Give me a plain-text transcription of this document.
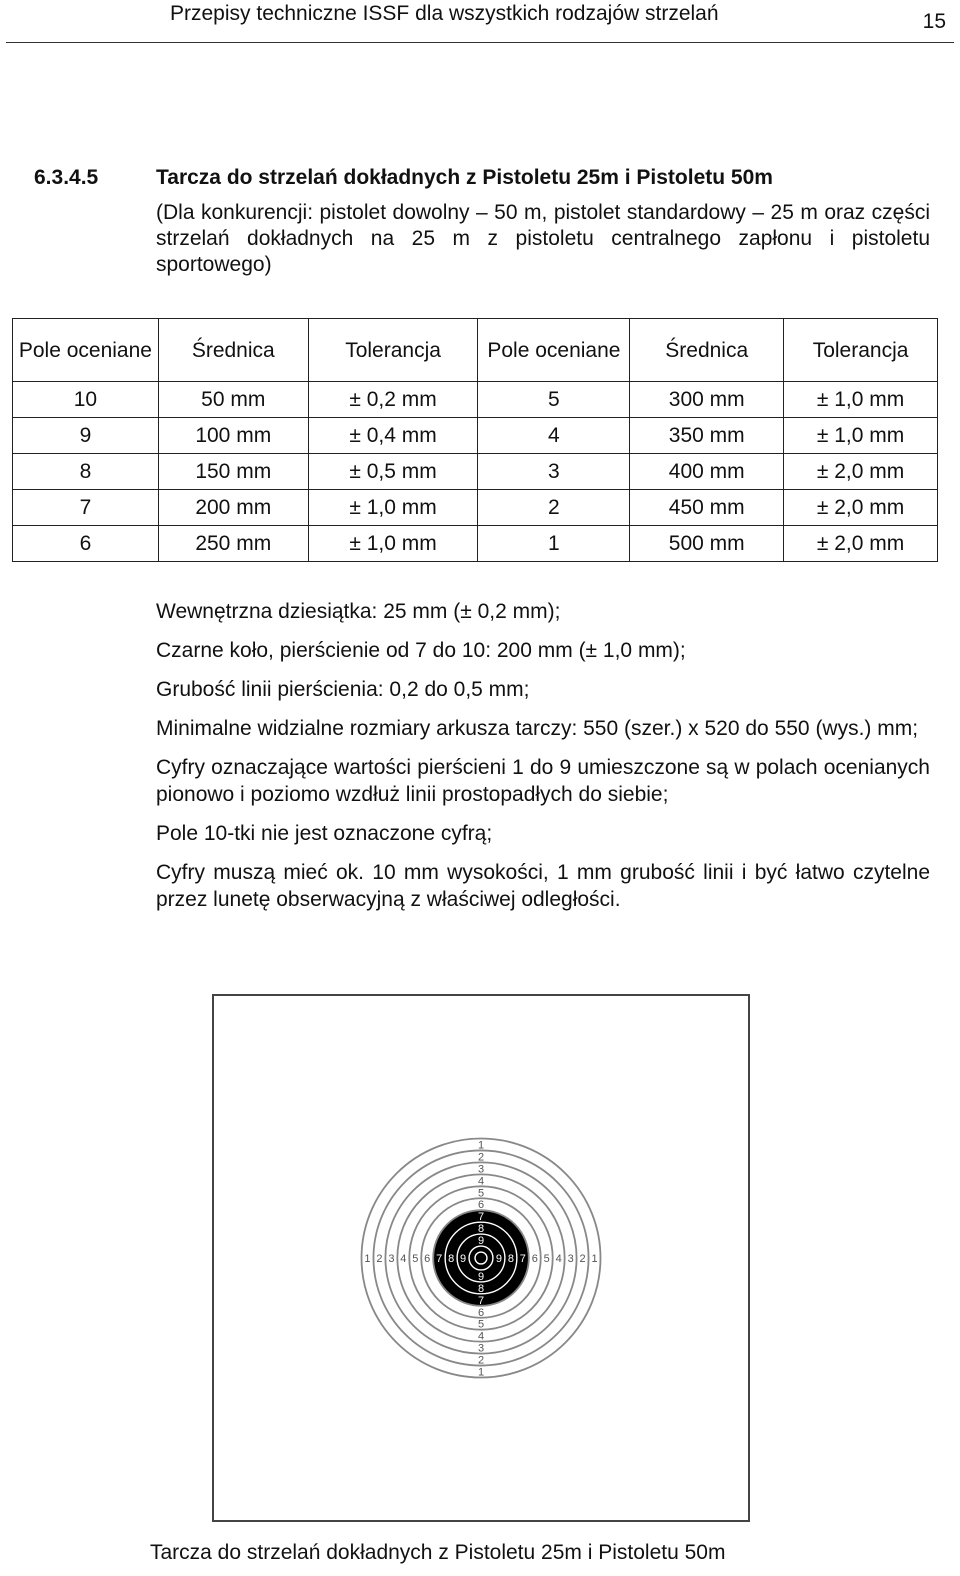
Przepisy techniczne ISSF dla wszystkich rodzajów strzelań	15
6.3.4.5	Tarcza do strzelań dokładnych z Pistoletu 25m i Pistoletu 50m
(Dla konkurencji: pistolet dowolny – 50 m, pistolet standardowy – 25 m oraz części strzelań dokładnych na 25 m z pistoletu centralnego zapłonu i pistoletu sportowego)
Pole oceniane	Średnica	Tolerancja	Pole oceniane	Średnica	Tolerancja
10	50 mm	± 0,2 mm	5	300 mm	± 1,0 mm
9	100 mm	± 0,4 mm	4	350 mm	± 1,0 mm
8	150 mm	± 0,5 mm	3	400 mm	± 2,0 mm
7	200 mm	± 1,0 mm	2	450 mm	± 2,0 mm
6	250 mm	± 1,0 mm	1	500 mm	± 2,0 mm
Wewnętrzna dziesiątka: 25 mm (± 0,2 mm);
Czarne koło, pierścienie od 7 do 10: 200 mm (± 1,0 mm);
Grubość linii pierścienia: 0,2 do 0,5 mm;
Minimalne widzialne rozmiary arkusza tarczy: 550 (szer.) x 520 do 550 (wys.) mm;
Cyfry oznaczające wartości pierścieni 1 do 9 umieszczone są w polach ocenianych pionowo i poziomo wzdłuż linii prostopadłych do siebie;
Pole 10-tki nie jest oznaczone cyfrą;
Cyfry muszą mieć ok. 10 mm wysokości, 1 mm grubość linii i być łatwo czytelne przez lunetę obserwacyjną z właściwej odległości.
1
1
1	1
2
2
2	2
3
3
3	3
4
4
4	4
5
5
5	5
6
6
6	6
7
7
7	7
8
8
8	8
9
9
9	9
Tarcza do strzelań dokładnych z Pistoletu 25m i Pistoletu 50m
